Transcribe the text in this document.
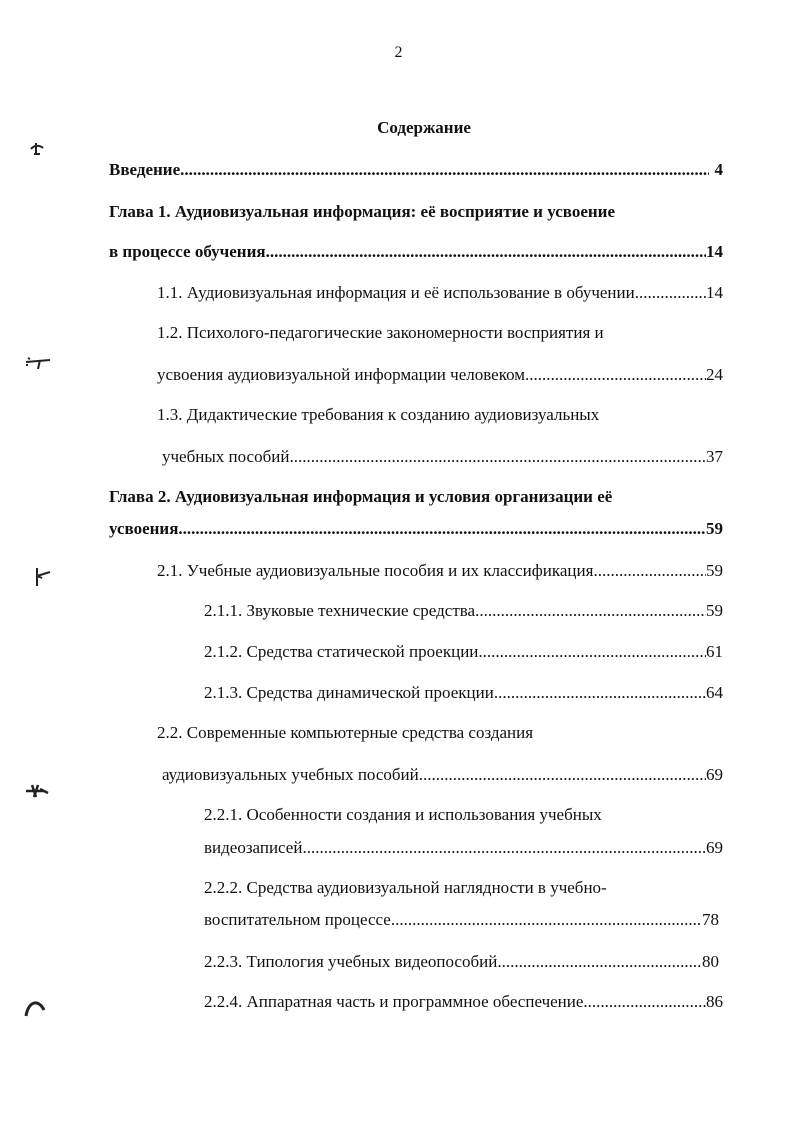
2
Содержание
Введение .....	4
Глава 1. Аудиовизуальная информация: её восприятие и усвоение
в процессе обучения .....	14
1.1. Аудиовизуальная информация и её использование в обучении .....	14
1.2. Психолого-педагогические закономерности восприятия и
усвоения аудиовизуальной информации человеком .....	24
1.3. Дидактические требования к созданию аудиовизуальных
учебных пособий .....	37
Глава 2. Аудиовизуальная информация и условия организации её
усвоения .....	59
2.1. Учебные аудиовизуальные пособия и их классификация .....	59
2.1.1. Звуковые технические средства .....	59
2.1.2. Средства статической проекции .....	61
2.1.3. Средства динамической проекции .....	64
2.2. Современные компьютерные средства создания
аудиовизуальных учебных пособий .....	69
2.2.1. Особенности создания и использования учебных
видеозаписей .....	69
2.2.2. Средства аудиовизуальной наглядности в учебно-
воспитательном процессе .....	78
2.2.3. Типология учебных видеопособий .....	80
2.2.4. Аппаратная часть и программное обеспечение .....	86
